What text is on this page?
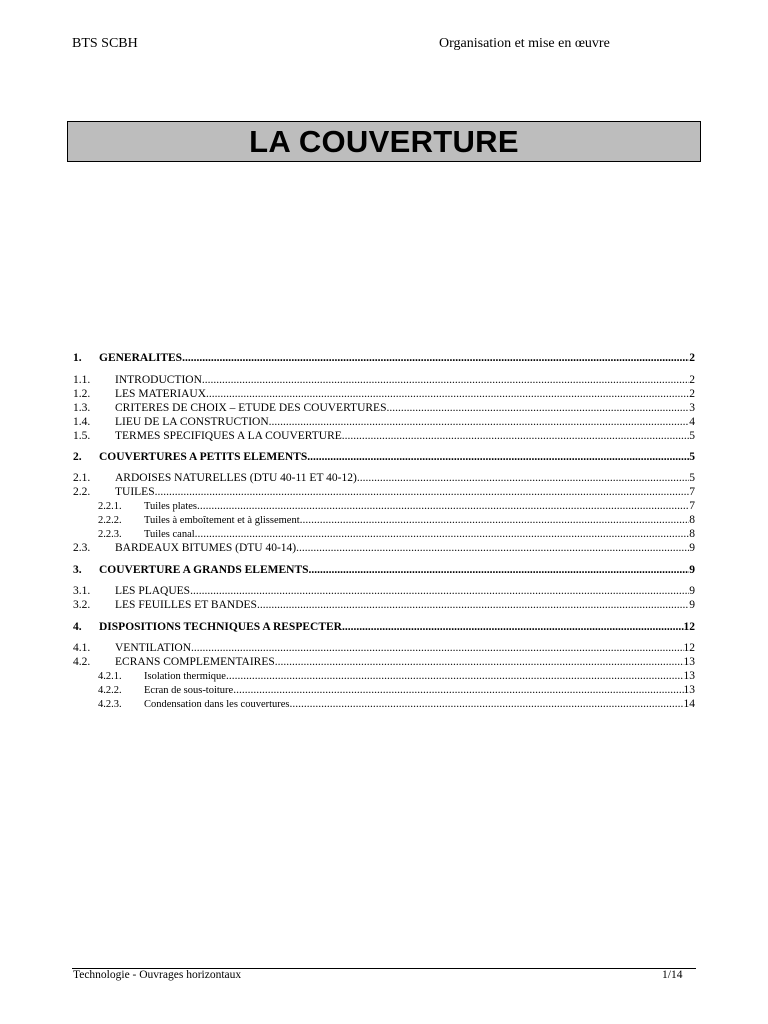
BTS SCBH	Organisation et mise en œuvre
LA COUVERTURE
1.	GENERALITES .....	2
1.1.	INTRODUCTION .....	2
1.2.	LES MATERIAUX .....	2
1.3.	CRITERES DE CHOIX – ETUDE DES COUVERTURES .....	3
1.4.	LIEU DE LA CONSTRUCTION .....	4
1.5.	TERMES SPECIFIQUES A LA COUVERTURE .....	5
2.	COUVERTURES A PETITS ELEMENTS .....	5
2.1.	ARDOISES NATURELLES (DTU 40-11 ET 40-12) .....	5
2.2.	TUILES .....	7
2.2.1.	Tuiles plates .....	7
2.2.2.	Tuiles à emboîtement et à glissement .....	8
2.2.3.	Tuiles canal .....	8
2.3.	BARDEAUX BITUMES (DTU 40-14) .....	9
3.	COUVERTURE A GRANDS ELEMENTS .....	9
3.1.	LES PLAQUES .....	9
3.2.	LES FEUILLES ET BANDES .....	9
4.	DISPOSITIONS TECHNIQUES A RESPECTER .....	12
4.1.	VENTILATION .....	12
4.2.	ECRANS COMPLEMENTAIRES .....	13
4.2.1.	Isolation thermique .....	13
4.2.2.	Ecran de sous-toiture .....	13
4.2.3.	Condensation dans les couvertures .....	14
Technologie - Ouvrages horizontaux	1/14
